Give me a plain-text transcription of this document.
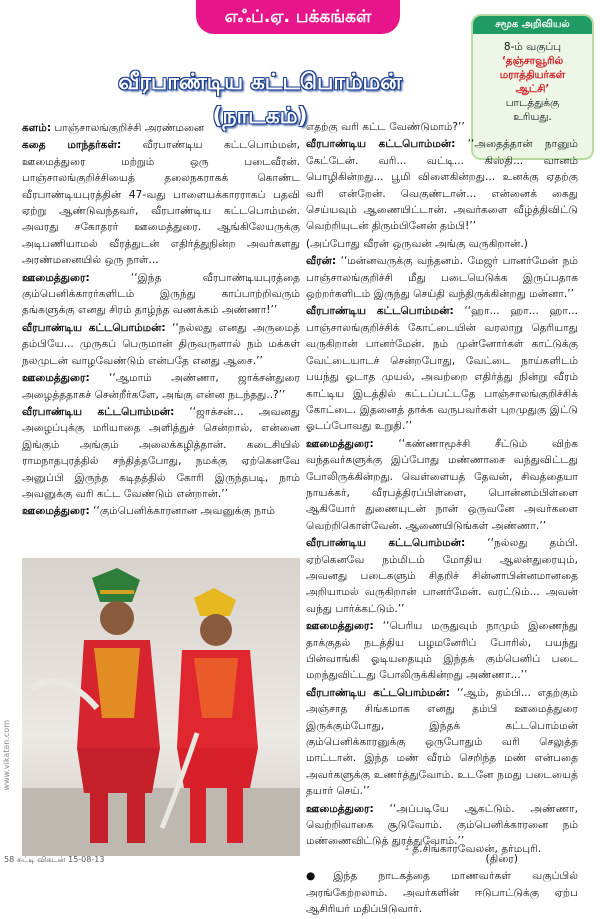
எஃப்.ஏ. பக்கங்கள்	சமூக அறிவியல்
8-ம் வகுப்பு
‘தஞ்சாவூரில்
மராத்தியர்கள்
ஆட்சி’
பாடத்துக்கு
உரியது.
வீரபாண்டிய கட்டபொம்மன் (நாடகம்)

களம்: பாஞ்சாலங்குறிச்சி அரண்மனை

கதை மாந்தர்கள்: வீரபாண்டிய கட்டபொம்மன், ஊமைத்துரை மற்றும் ஒரு படைவீரன். பாஞ்சாலங்குறிச்சியைத் தலைநகராகக் கொண்ட வீரபாண்டியபுரத்தின் 47-வது பாளையக்காரராகப் பதவி ஏற்று ஆண்டுவந்தவர், வீரபாண்டிய கட்டபொம்மன். அவரது சகோதரர் ஊமைத்துரை. ஆங்கிலேயருக்கு அடிபணியாமல் வீரத்துடன் எதிர்த்துநின்ற அவர்களது அரண்மனையில் ஒரு நாள்...

ஊமைத்துரை: ‘‘இந்த வீரபாண்டியபுரத்தை கும்பெனிக்காரர்களிடம் இருந்து காப்பாற்றிவரும் தங்களுக்கு எனது சிரம் தாழ்ந்த வணக்கம் அண்ணா!’’

வீரபாண்டிய கட்டபொம்மன்: ‘‘நல்லது எனது அருமைத் தம்பியே... முருகப் பெருமான் திருவருளால் நம் மக்கள் நலமுடன் வாழவேண்டும் என்பதே எனது ஆசை.’’

ஊமைத்துரை: ‘‘ஆமாம் அண்ணா, ஜாக்சன்துரை அழைத்ததாகச் சென்றீர்களே, அங்கு என்ன நடந்தது..?’’

வீரபாண்டிய கட்டபொம்மன்: ‘‘ஜாக்சன்... அவனது அழைப்புக்கு மரியாதை அளித்துச் சென்றால், என்னை இங்கும் அங்கும் அலைக்கழித்தான். கடைசியில் ராமநாதபுரத்தில் சந்தித்தபோது, நமக்கு ஏற்கெனவே அனுப்பி இருந்த கடிதத்தில் கோரி இருந்தபடி, நாம் அவனுக்கு வரி கட்ட வேண்டும் என்றான்.’’

ஊமைத்துரை: ‘‘கும்பெனிக்காரனான அவனுக்கு நாம்

எதற்கு வரி கட்ட வேண்டுமாம்?’’

வீரபாண்டிய கட்டபொம்மன்: ‘‘அதைத்தான் நானும் கேட்டேன். வரி... வட்டி... கிஸ்தி... வானம் பொழிகின்றது... பூமி விளைகின்றது... உனக்கு ஏதற்கு வரி என்றேன். வெகுண்டான்... என்னைக் கைது செய்யவும் ஆணையிட்டான். அவர்களை வீழ்த்திவிட்டு வெற்றியுடன் திரும்பினேன் தம்பி!’’

(அப்போது வீரன் ஒருவன் அங்கு வருகிறான்.)

வீரன்: ‘‘மன்னவருக்கு வந்தனம். மேஜர் பானர்மேன் நம் பாஞ்சாலங்குறிச்சி மீது படையெடுக்க இருப்பதாக ஒற்றர்களிடம் இருந்து செய்தி வந்திருக்கின்றது மன்னா.’’

வீரபாண்டிய கட்டபொம்மன்: ‘‘ஹா... ஹா... ஹா... பாஞ்சாலங்குறிச்சிக் கோட்டையின் வரலாறு தெரியாது வருகிறான் பானர்மேன். நம் முன்னோர்கள் காட்டுக்கு வேட்டையாடச் சென்றபோது, வேட்டை நாய்களிடம் பயந்து ஓடாத முயல், அவற்றை எதிர்த்து நின்று வீரம் காட்டிய இடத்தில் கட்டப்பட்டதே பாஞ்சாலங்குறிச்சிக் கோட்டை. இதனைத் தாக்க வருபவர்கள் புறமுதுகு இட்டு ஓடப்போவது உறுதி.’’

ஊமைத்துரை: ‘‘கண்ணாமூச்சி சீட்டும் விற்க வந்தவர்களுக்கு இப்போது மண்ணாசை வந்துவிட்டது போலிருக்கின்றது. வெள்ளையத் தேவன், சிவத்தையா நாயக்கர், வீரபத்திரப்பிள்ளை, பொன்னம்பிள்ளை ஆகியோர் துணையுடன் நான் ஒருவனே அவர்களை வெற்றிகொள்வேன். ஆணையிடுங்கள் அண்ணா.’’

வீரபாண்டிய கட்டபொம்மன்: ‘‘நல்லது தம்பி. ஏற்கெனவே நம்மிடம் மோதிய ஆலன்துரையும், அவனது படைகளும் சிதறிச் சின்னாபின்னமானதை அறியாமல் வருகிறான் பானர்மேன். வரட்டும்... அவன் வந்து பார்க்கட்டும்.’’

ஊமைத்துரை: ‘‘பெரிய மருதுவும் நாமும் இணைந்து தாக்குதல் நடத்திய பழமனேரிப் போரில், பயந்து பின்வாங்கி ஓடியதையும் இந்தக் கும்பெனிப் படை மறந்துவிட்டது போலிருக்கின்றது அண்ணா...’’

வீரபாண்டிய கட்டபொம்மன்: ‘‘ஆம், தம்பி... எதற்கும் அஞ்சாத சிங்கமாக எனது தம்பி ஊமைத்துரை இருக்கும்போது, இந்தக் கட்டபொம்மன் கும்பெனிக்காரனுக்கு ஒருபோதும் வரி செலுத்த மாட்டான். இந்த மண் வீரம் செறிந்த மண் என்பதை அவர்களுக்கு உணர்த்துவோம். உடனே நமது படையைத் தயார் செய்.’’

ஊமைத்துரை: ‘‘அப்படியே ஆகட்டும். அண்ணா, வெற்றிவாகை சூடுவோம். கும்பெனிக்காரனை நம் மண்ணைவிட்டுத் துரத்துவோம்.’’

(திரை)

●இந்த நாடகத்தை மாணவர்கள் வகுப்பில் அரங்கேற்றலாம். அவர்களின் ஈடுபாட்டுக்கு ஏற்ப ஆசிரியர் மதிப்பிடுவார்.

- த.சிங்காரவேலன், தர்மபுரி.
www.vikatan.com
58 சுட்டி விகடன் 15-08-13
